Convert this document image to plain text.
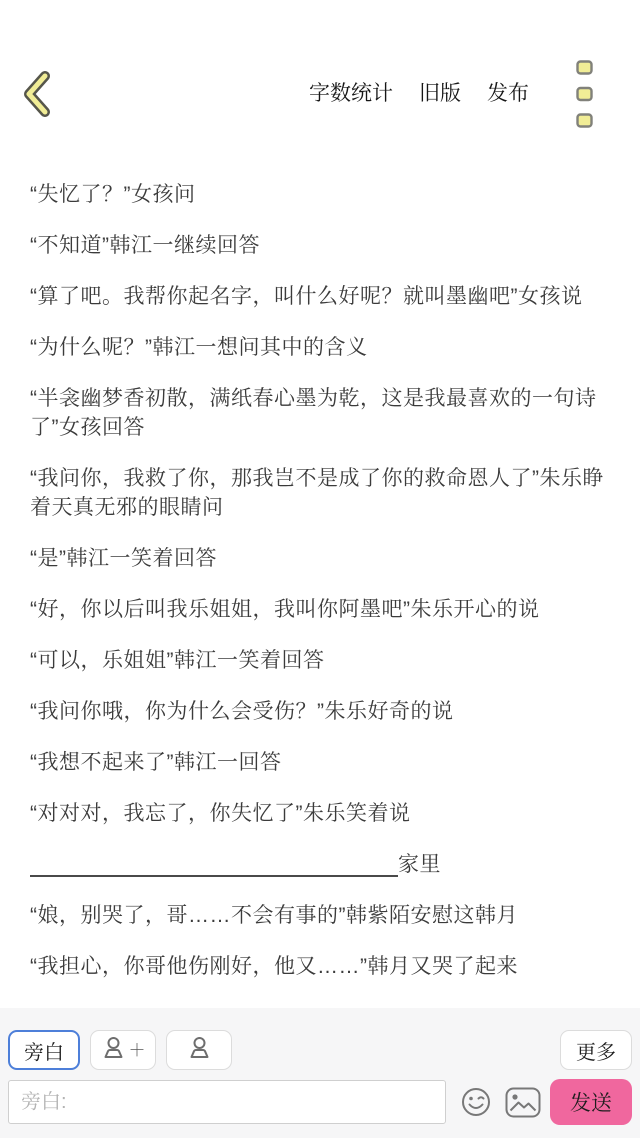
字数统计 旧版 发布

“失忆了？”女孩问

“不知道”韩江一继续回答

“算了吧。我帮你起名字，叫什么好呢？就叫墨幽吧”女孩说

“为什么呢？”韩江一想问其中的含义

“半衾幽梦香初散，满纸春心墨为乾，这是我最喜欢的一句诗了”女孩回答

“我问你，我救了你，那我岂不是成了你的救命恩人了”朱乐睁着天真无邪的眼睛问

“是”韩江一笑着回答

“好，你以后叫我乐姐姐，我叫你阿墨吧”朱乐开心的说

“可以，乐姐姐”韩江一笑着回答

“我问你哦，你为什么会受伤？”朱乐好奇的说

“我想不起来了”韩江一回答

“对对对，我忘了，你失忆了”朱乐笑着说

家里

“娘，别哭了，哥……不会有事的”韩紫陌安慰这韩月

“我担心，你哥他伤刚好，他又……”韩月又哭了起来

旁白	＋	更多
旁白:
发送
